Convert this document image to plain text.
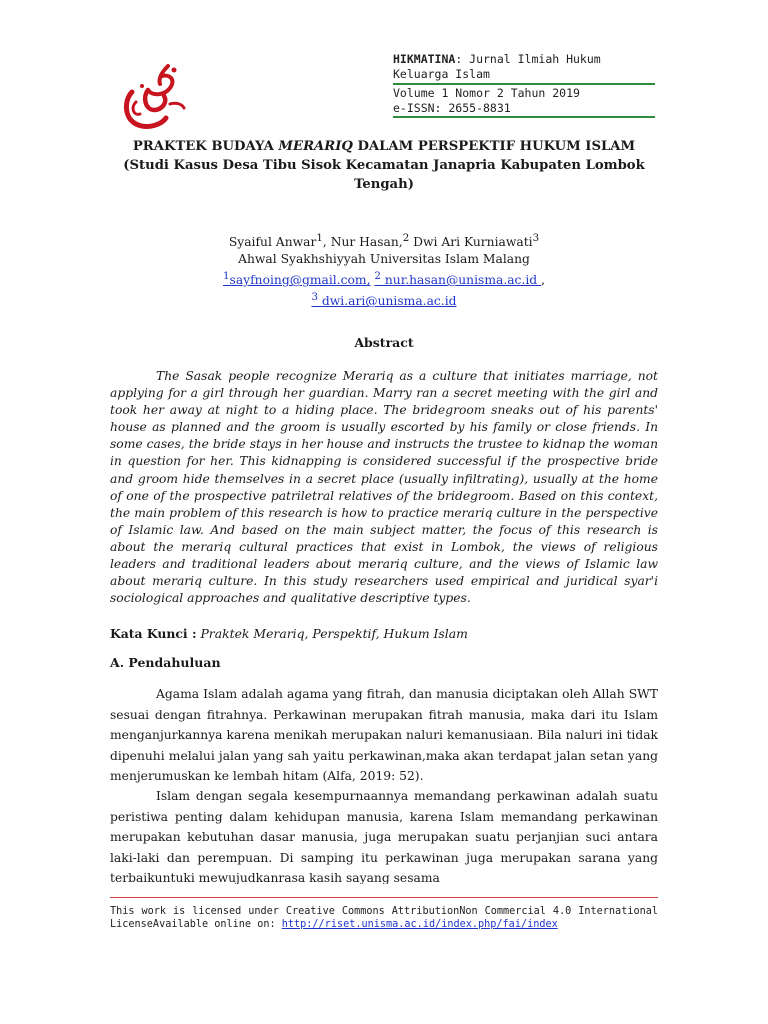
HIKMATINA: Jurnal Ilmiah Hukum
Keluarga Islam
Volume 1 Nomor 2 Tahun 2019
e-ISSN: 2655-8831
PRAKTEK BUDAYA MERARIQ DALAM PERSPEKTIF HUKUM ISLAM
(Studi Kasus Desa Tibu Sisok Kecamatan Janapria Kabupaten Lombok
Tengah)
Syaiful Anwar$^1$, Nur Hasan,$^2$ Dwi Ari Kurniawati$^3$
Ahwal Syakhshiyyah Universitas Islam Malang
$^1$sayfnoing@gmail.com, $^2$ nur.hasan@unisma.ac.id ,
$^3$ dwi.ari@unisma.ac.id
Abstract
The Sasak people recognize Merariq as a culture that initiates marriage, not applying for a girl through her guardian. Marry ran a secret meeting with the girl and took her away at night to a hiding place. The bridegroom sneaks out of his parents' house as planned and the groom is usually escorted by his family or close friends. In some cases, the bride stays in her house and instructs the trustee to kidnap the woman in question for her. This kidnapping is considered successful if the prospective bride and groom hide themselves in a secret place (usually infiltrating), usually at the home of one of the prospective patriletral relatives of the bridegroom. Based on this context, the main problem of this research is how to practice merariq culture in the perspective of Islamic law. And based on the main subject matter, the focus of this research is about the merariq cultural practices that exist in Lombok, the views of religious leaders and traditional leaders about merariq culture, and the views of Islamic law about merariq culture. In this study researchers used empirical and juridical syar'i sociological approaches and qualitative descriptive types.
Kata Kunci : Praktek Merariq, Perspektif, Hukum Islam
A. Pendahuluan
Agama Islam adalah agama yang fitrah, dan manusia diciptakan oleh Allah SWT sesuai dengan fitrahnya. Perkawinan merupakan fitrah manusia, maka dari itu Islam menganjurkannya karena menikah merupakan naluri kemanusiaan. Bila naluri ini tidak dipenuhi melalui jalan yang sah yaitu perkawinan,maka akan terdapat jalan setan yang menjerumuskan ke lembah hitam (Alfa, 2019: 52).
Islam dengan segala kesempurnaannya memandang perkawinan adalah suatu peristiwa penting dalam kehidupan manusia, karena Islam memandang perkawinan merupakan kebutuhan dasar manusia, juga merupakan suatu perjanjian suci antara laki-laki dan perempuan. Di samping itu perkawinan juga merupakan sarana yang terbaikuntuki mewujudkanrasa kasih sayang sesama
This work is licensed under Creative Commons AttributionNon Commercial 4.0 International LicenseAvailable online on: http://riset.unisma.ac.id/index.php/fai/index
